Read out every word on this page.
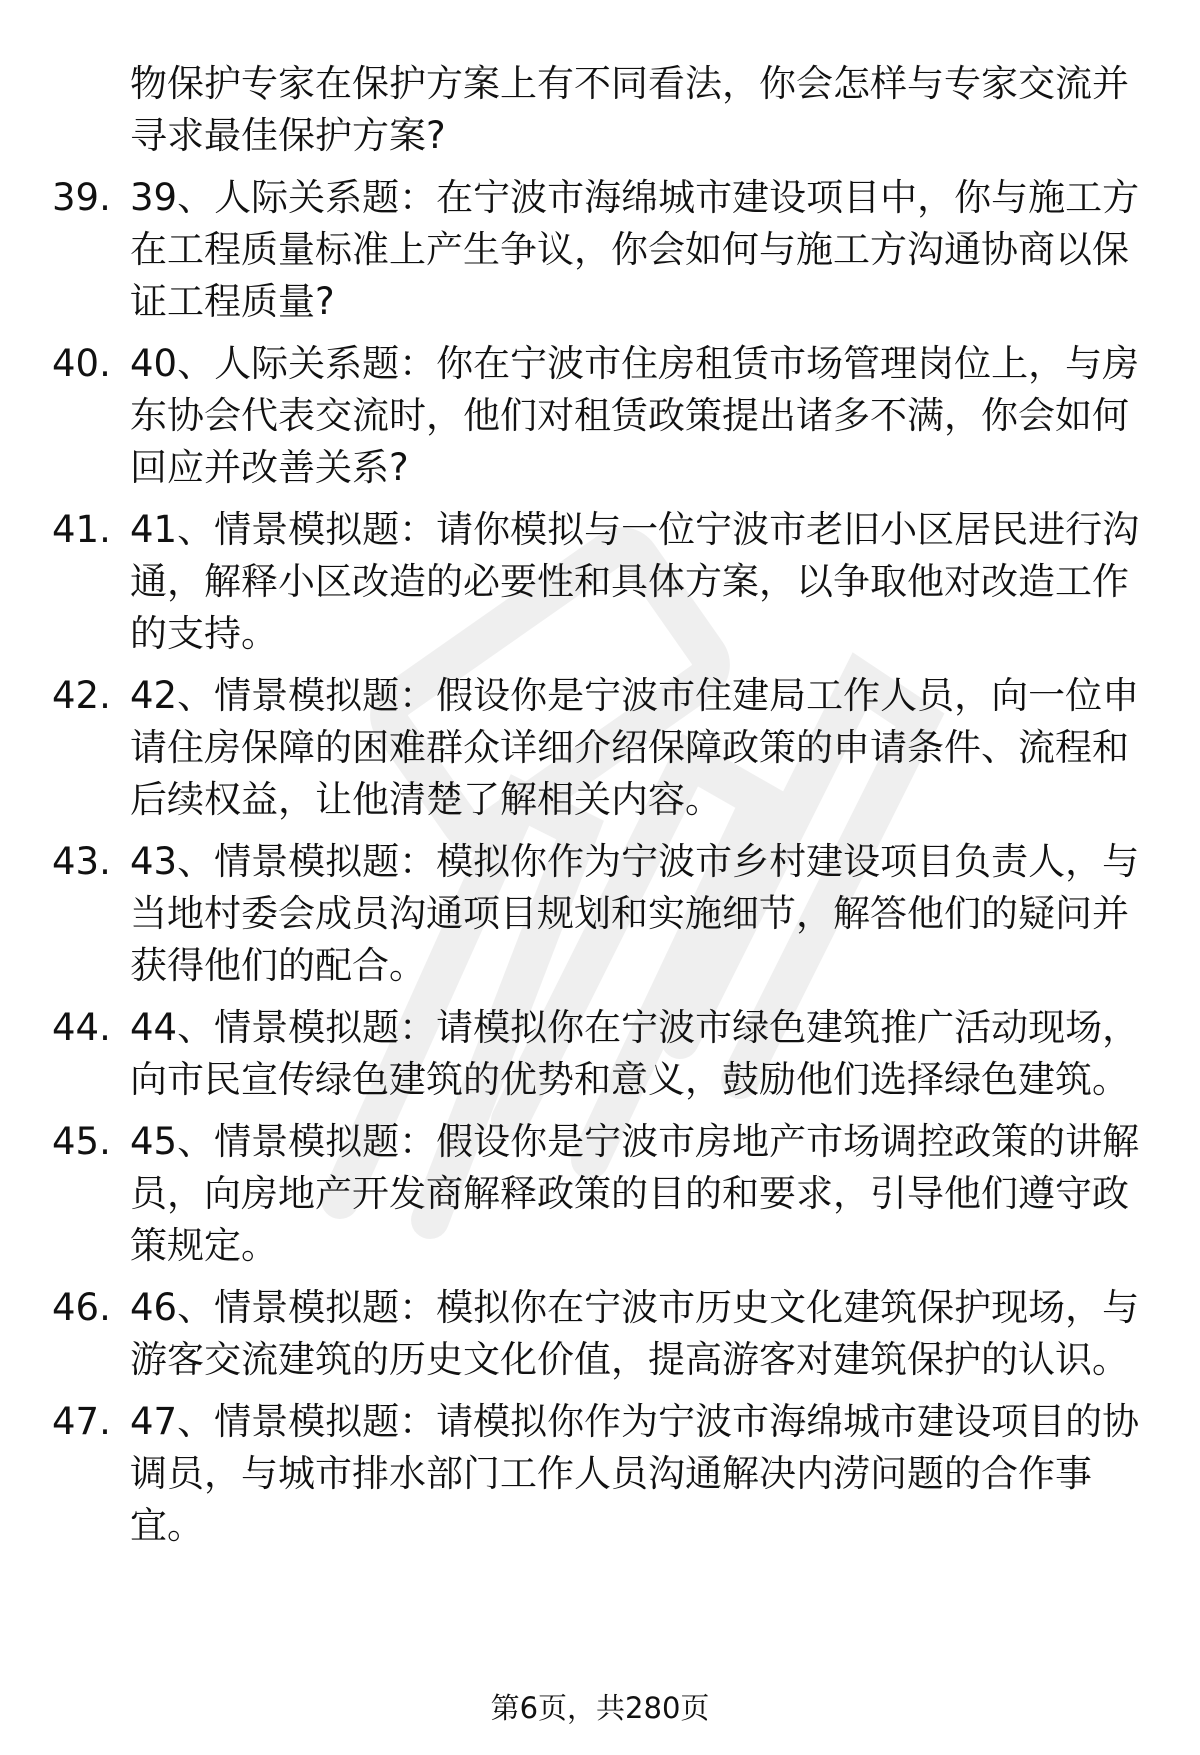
物保护专家在保护方案上有不同看法，你会怎样与专家交流并寻求最佳保护方案?
39. 39、人际关系题：在宁波市海绵城市建设项目中，你与施工方在工程质量标准上产生争议，你会如何与施工方沟通协商以保证工程质量?
40. 40、人际关系题：你在宁波市住房租赁市场管理岗位上，与房东协会代表交流时，他们对租赁政策提出诸多不满，你会如何回应并改善关系?
41. 41、情景模拟题：请你模拟与一位宁波市老旧小区居民进行沟通，解释小区改造的必要性和具体方案，以争取他对改造工作的支持。
42. 42、情景模拟题：假设你是宁波市住建局工作人员，向一位申请住房保障的困难群众详细介绍保障政策的申请条件、流程和后续权益，让他清楚了解相关内容。
43. 43、情景模拟题：模拟你作为宁波市乡村建设项目负责人，与当地村委会成员沟通项目规划和实施细节，解答他们的疑问并获得他们的配合。
44. 44、情景模拟题：请模拟你在宁波市绿色建筑推广活动现场，向市民宣传绿色建筑的优势和意义，鼓励他们选择绿色建筑。
45. 45、情景模拟题：假设你是宁波市房地产市场调控政策的讲解员，向房地产开发商解释政策的目的和要求，引导他们遵守政策规定。
46. 46、情景模拟题：模拟你在宁波市历史文化建筑保护现场，与游客交流建筑的历史文化价值，提高游客对建筑保护的认识。
47. 47、情景模拟题：请模拟你作为宁波市海绵城市建设项目的协调员，与城市排水部门工作人员沟通解决内涝问题的合作事宜。
第6页，共280页
